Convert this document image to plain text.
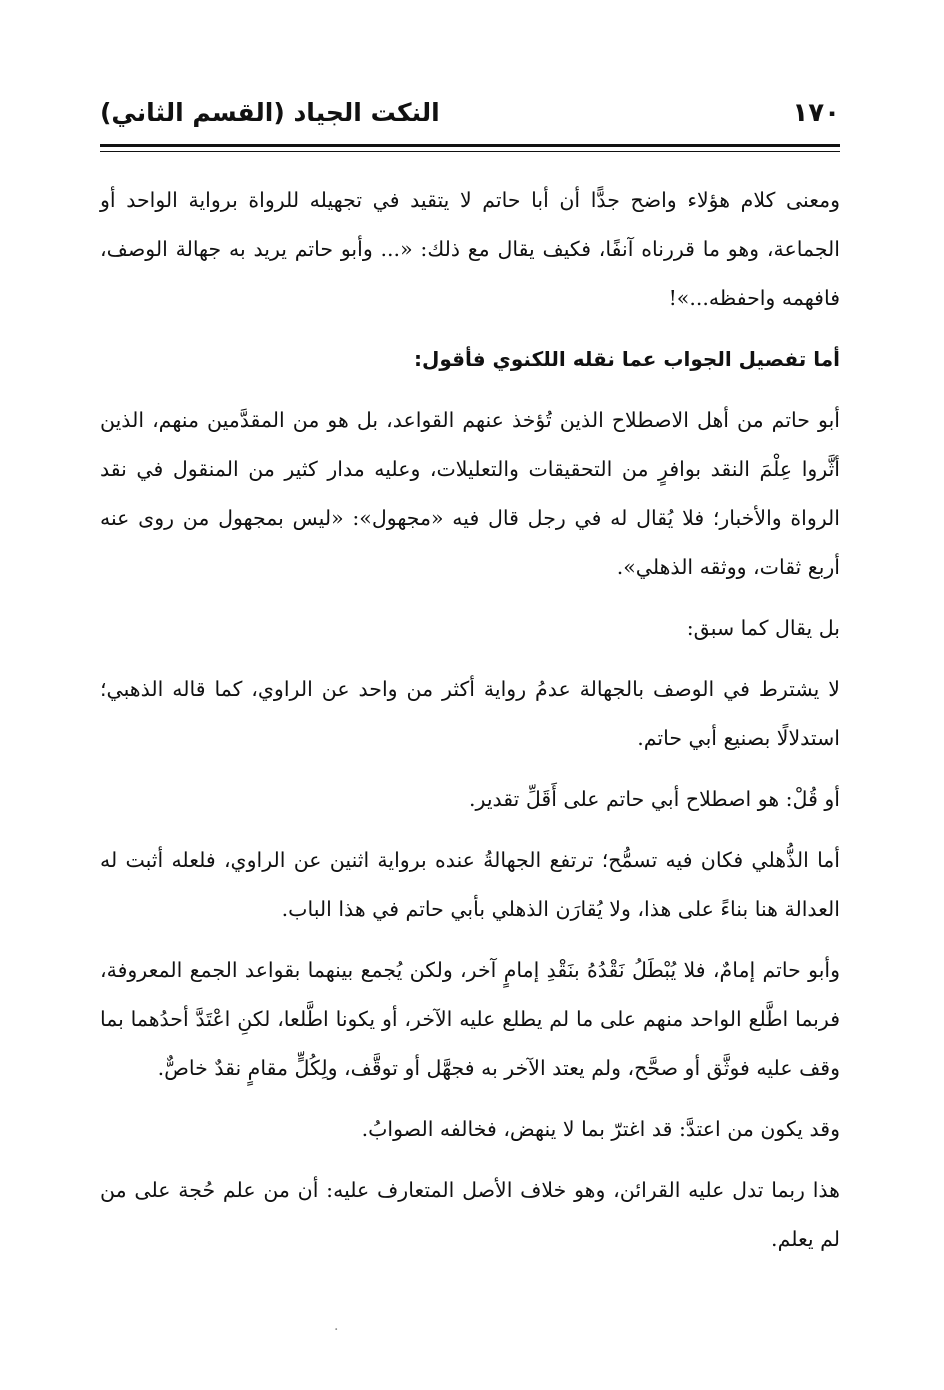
١٧٠
النكت الجياد (القسم الثاني)

ومعنى كلام هؤلاء واضح جدًّا أن أبا حاتم لا يتقيد في تجهيله للرواة برواية الواحد أو الجماعة، وهو ما قررناه آنفًا، فكيف يقال مع ذلك: «... وأبو حاتم يريد به جهالة الوصف، فافهمه واحفظه...»!

أما تفصيل الجواب عما نقله اللكنوي فأقول:

أبو حاتم من أهل الاصطلاح الذين تُؤخذ عنهم القواعد، بل هو من المقدَّمين منهم، الذين أثَّروا عِلْمَ النقد بوافرٍ من التحقيقات والتعليلات، وعليه مدار كثير من المنقول في نقد الرواة والأخبار؛ فلا يُقال له في رجل قال فيه «مجهول»: «ليس بمجهول من روى عنه أربع ثقات، ووثقه الذهلي».

بل يقال كما سبق:

لا يشترط في الوصف بالجهالة عدمُ رواية أكثر من واحد عن الراوي، كما قاله الذهبي؛ استدلالًا بصنيع أبي حاتم.

أو قُلْ: هو اصطلاح أبي حاتم على أَقَلِّ تقدير.

أما الذُّهلي فكان فيه تسمُّح؛ ترتفع الجهالةُ عنده برواية اثنين عن الراوي، فلعله أثبت له العدالة هنا بناءً على هذا، ولا يُقارَن الذهلي بأبي حاتم في هذا الباب.

وأبو حاتم إمامٌ، فلا يُبْطَلُ نَقْدُهُ بنَقْدِ إمامٍ آخر، ولكن يُجمع بينهما بقواعد الجمع المعروفة، فربما اطَّلع الواحد منهم على ما لم يطلع عليه الآخر، أو يكونا اطَّلعا، لكنِ اعْتَدَّ أحدُهما بما وقف عليه فوثَّق أو صحَّح، ولم يعتد الآخر به فجهَّل أو توقَّف، ولِكُلٍّ مقامٍ نقدٌ خاصٌّ.

وقد يكون من اعتدَّ: قد اغترّ بما لا ينهض، فخالفه الصوابُ.

هذا ربما تدل عليه القرائن، وهو خلاف الأصل المتعارف عليه: أن من علم حُجة على من لم يعلم.

·
